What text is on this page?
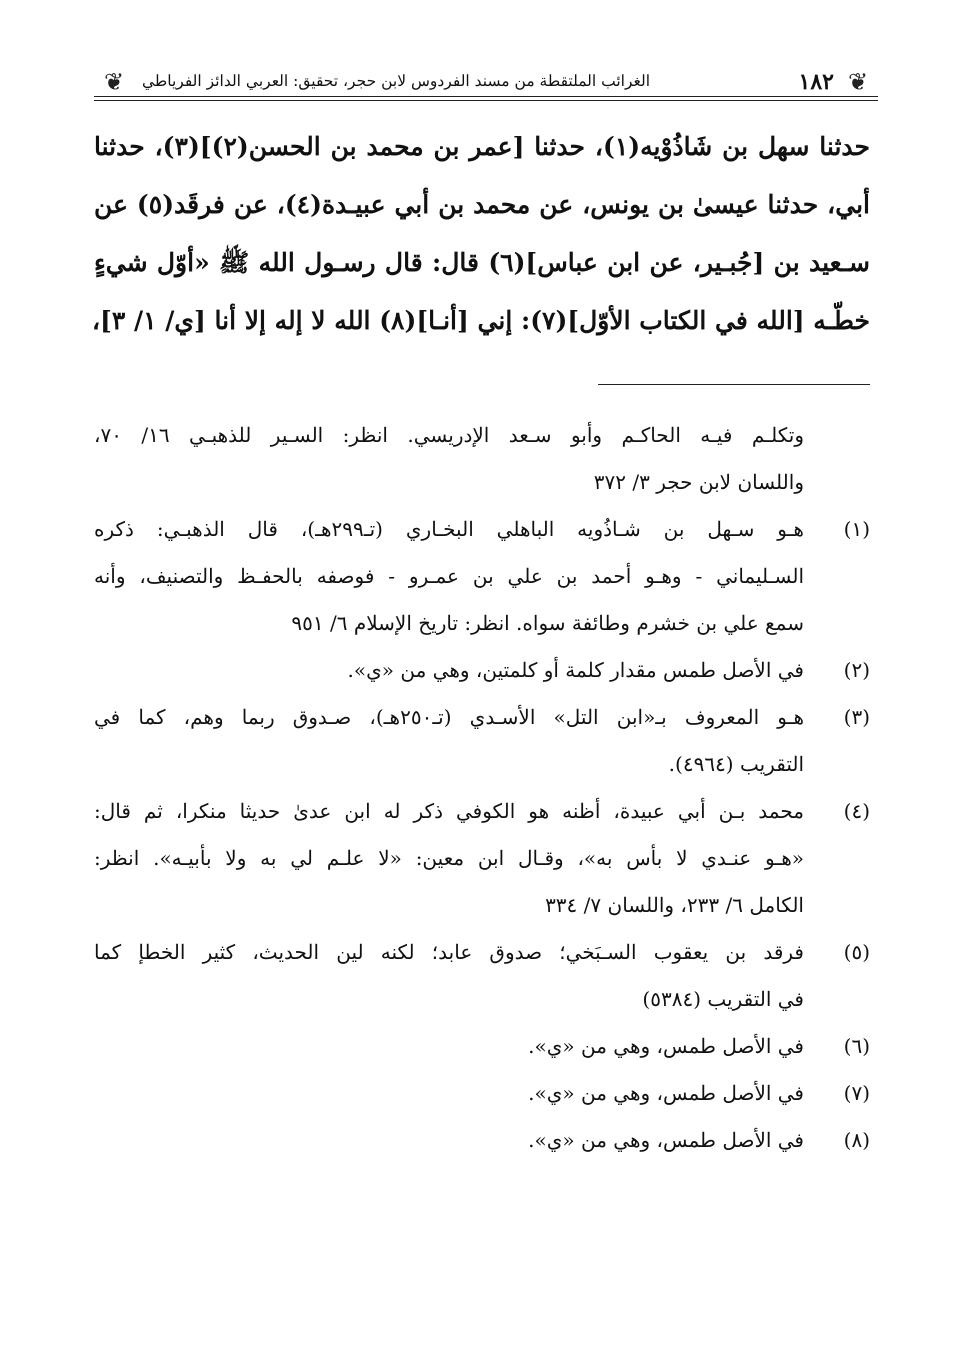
❦
١٨٢
الغرائب الملتقطة من مسند الفردوس لابن حجر، تحقيق: العربي الدائز الفرياطي
❦
حدثنا سهل بن شَاذُوْيه(١)، حدثنا [عمر بن محمد بن الحسن(٢)](٣)، حدثنا
أبي، حدثنا عيسىٰ بن يونس، عن محمد بن أبي عبيـدة(٤)، عن فرقَد(٥) عن
سـعيد بن [جُبـير، عن ابن عباس](٦) قال: قال رسـول الله ﷺ «أوّل شيءٍ
خطّـه [الله في الكتاب الأوّل](٧): إني [أنـا](٨) الله لا إله إلا أنا [ي/ ١/ ٣]،
وتكلـم فيـه الحاكـم وأبو سـعد الإدريسي. انظر: السـير للذهبـي ١٦/ ٧٠،
واللسان لابن حجر ٣/ ٣٧٢
(١)
هـو سـهل بن شـاذُويه الباهلي البخـاري (تـ٢٩٩هـ)، قال الذهبـي: ذكره
السـليماني - وهـو أحمد بن علي بن عمـرو - فوصفه بالحفـظ والتصنيف، وأنه
سمع علي بن خشرم وطائفة سواه. انظر: تاريخ الإسلام ٦/ ٩٥١
(٢)
في الأصل طمس مقدار كلمة أو كلمتين، وهي من «ي».
(٣)
هـو المعروف بـ«ابن التل» الأسـدي (تـ٢٥٠هـ)، صـدوق ربما وهم، كما في
التقريب (٤٩٦٤).
(٤)
محمد بـن أبي عبيدة، أظنه هو الكوفي ذكر له ابن عدىٰ حديثا منكرا، ثم قال:
«هـو عنـدي لا بأس به»، وقـال ابن معين: «لا علـم لي به ولا بأبيـه». انظر:
الكامل ٦/ ٢٣٣، واللسان ٧/ ٣٣٤
(٥)
فرقد بن يعقوب السـبَخي؛ صدوق عابد؛ لكنه لين الحديث، كثير الخطإ كما
في التقريب (٥٣٨٤)
(٦)
في الأصل طمس، وهي من «ي».
(٧)
في الأصل طمس، وهي من «ي».
(٨)
في الأصل طمس، وهي من «ي».
